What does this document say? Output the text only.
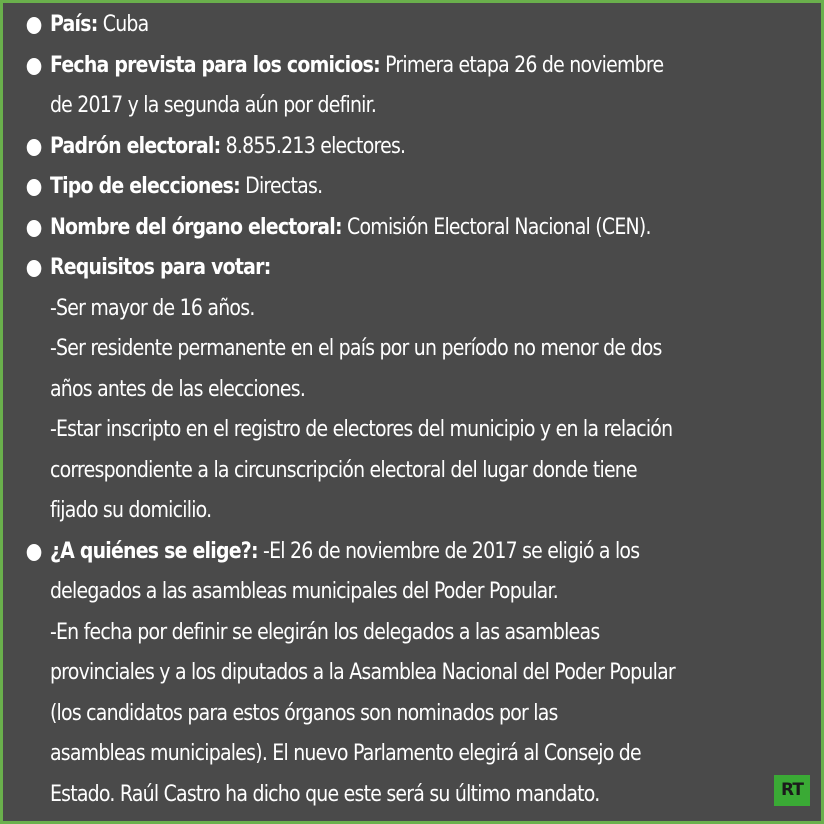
País: Cuba
Fecha prevista para los comicios: Primera etapa 26 de noviembre
de 2017 y la segunda aún por definir.
Padrón electoral: 8.855.213 electores.
Tipo de elecciones: Directas.
Nombre del órgano electoral: Comisión Electoral Nacional (CEN).
Requisitos para votar:
-Ser mayor de 16 años.
-Ser residente permanente en el país por un período no menor de dos
años antes de las elecciones.
-Estar inscripto en el registro de electores del municipio y en la relación
correspondiente a la circunscripción electoral del lugar donde tiene
fijado su domicilio.
¿A quiénes se elige?: -El 26 de noviembre de 2017 se eligió a los
delegados a las asambleas municipales del Poder Popular.
-En fecha por definir se elegirán los delegados a las asambleas
provinciales y a los diputados a la Asamblea Nacional del Poder Popular
(los candidatos para estos órganos son nominados por las
asambleas municipales). El nuevo Parlamento elegirá al Consejo de
Estado. Raúl Castro ha dicho que este será su último mandato.	RT
